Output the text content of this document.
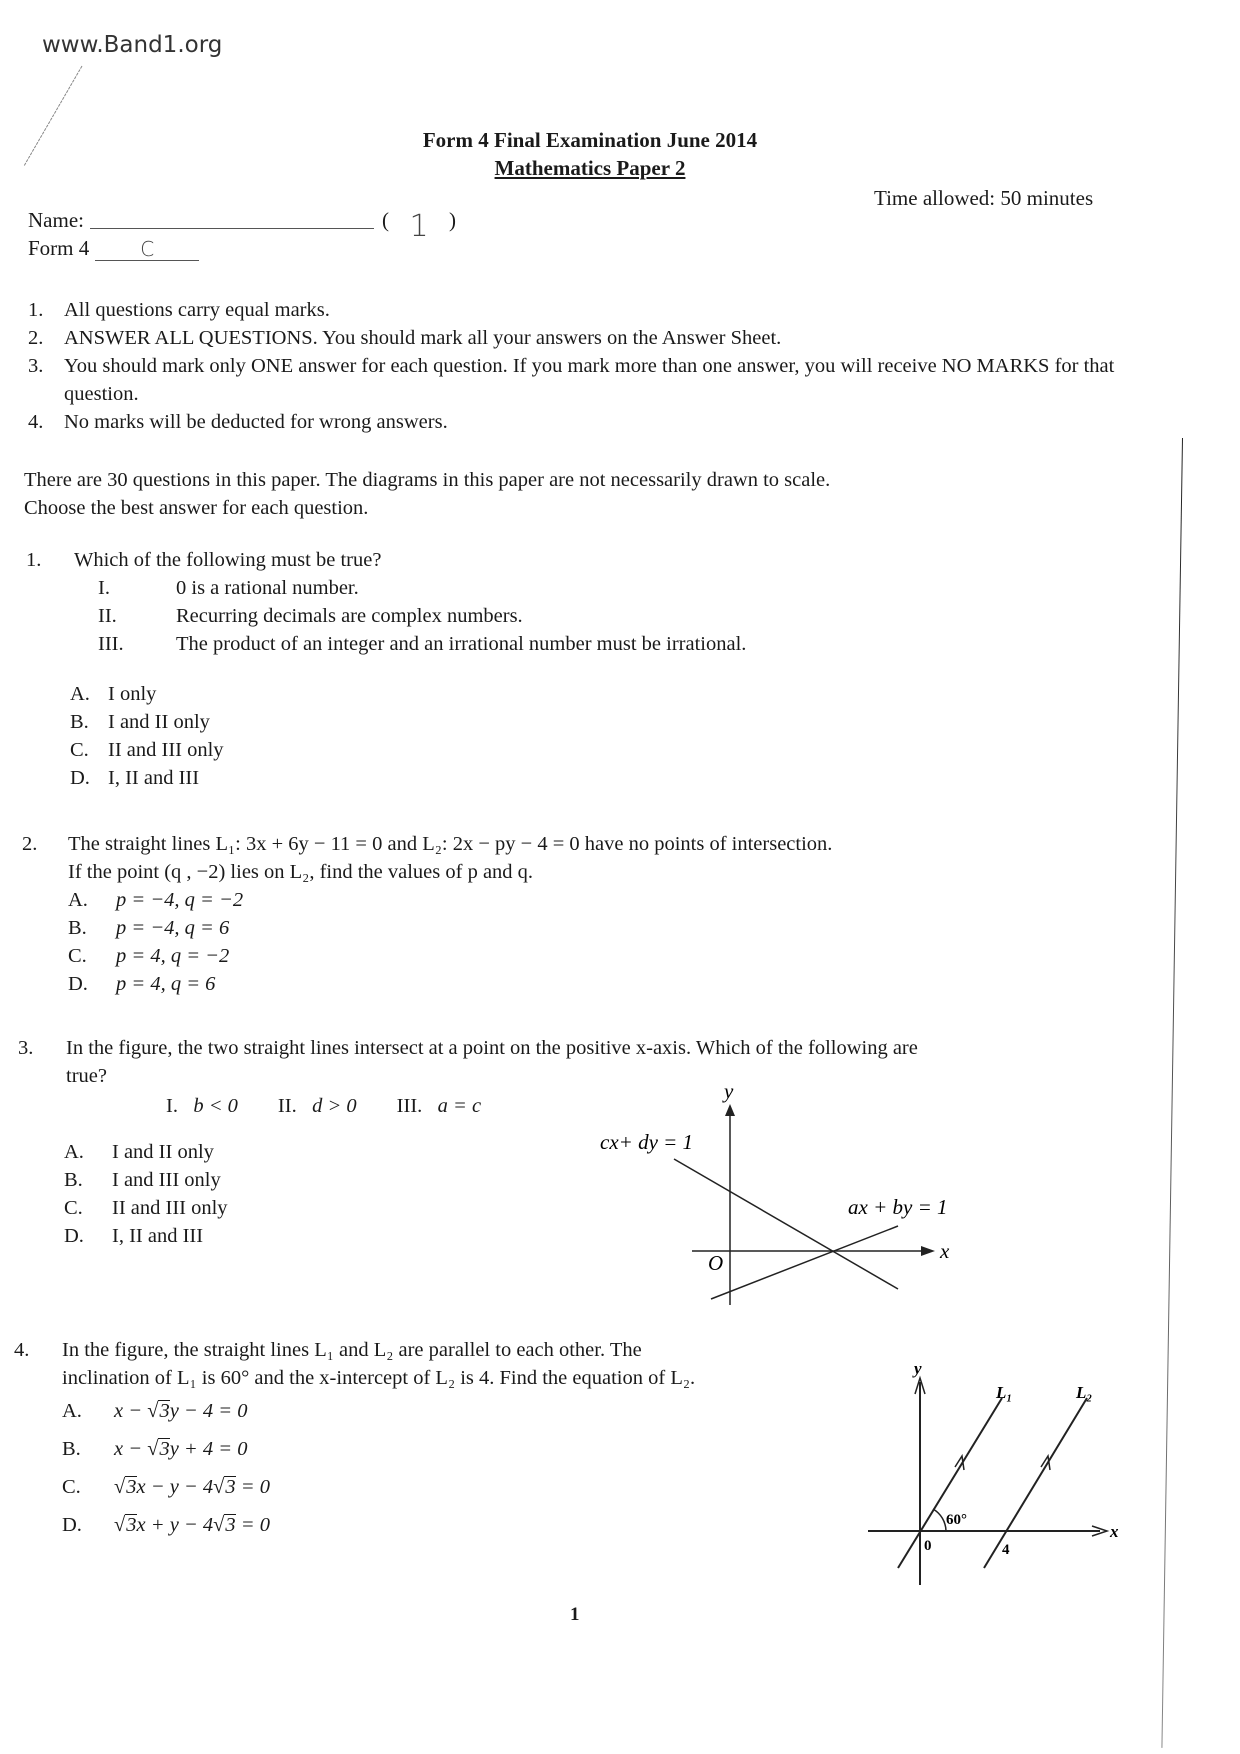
www.Band1.org
Form 4 Final Examination June 2014
Mathematics Paper 2
Time allowed: 50 minutes
Name:	( 1 )
Form 4	C
1.	All questions carry equal marks.
2.	ANSWER ALL QUESTIONS. You should mark all your answers on the Answer Sheet.
3.	You should mark only ONE answer for each question. If you mark more than one answer, you will receive NO MARKS for that question.
4.	No marks will be deducted for wrong answers.
There are 30 questions in this paper. The diagrams in this paper are not necessarily drawn to scale.
Choose the best answer for each question.
1. Which of the following must be true?
I.	0 is a rational number.
II.	Recurring decimals are complex numbers.
III.	The product of an integer and an irrational number must be irrational.
A. I only
B. I and II only
C. II and III only
D. I, II and III
2. The straight lines L₁: 3x + 6y − 11 = 0 and L₂: 2x − py − 4 = 0 have no points of intersection.
If the point (q , −2) lies on L₂, find the values of p and q.
A.	p = −4, q = −2
B.	p = −4, q = 6
C.	p = 4, q = −2
D.	p = 4, q = 6
3. In the figure, the two straight lines intersect at a point on the positive x-axis. Which of the following are
true?
I. b < 0 II. d > 0 III. a = c
A.	I and II only
B.	I and III only
C.	II and III only
D.	I, II and III
y
x
O
cx+ dy = 1
ax + by = 1
4. In the figure, the straight lines L₁ and L₂ are parallel to each other. The
inclination of L₁ is 60° and the x-intercept of L₂ is 4. Find the equation of L₂.
A.	x − √3y − 4 = 0
B.	x − √3y + 4 = 0
C.	√3x − y − 4√3 = 0
D.	√3x + y − 4√3 = 0
y
x
0	4
60°
L₁	L₂
1
